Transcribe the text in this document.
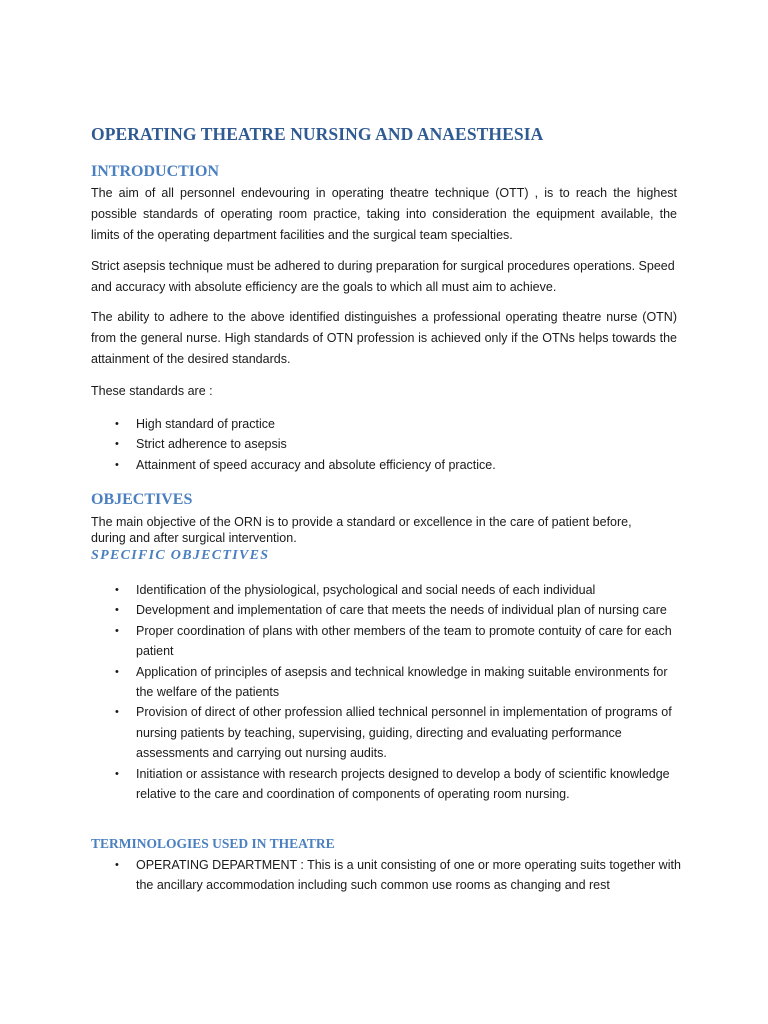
OPERATING THEATRE NURSING AND ANAESTHESIA
INTRODUCTION

The aim of all personnel endevouring in operating theatre technique (OTT) , is to reach the highest possible standards of operating room practice, taking into consideration the equipment available, the limits of the operating department facilities and the surgical team specialties.

Strict asepsis technique must be adhered to during preparation for surgical procedures operations. Speed and accuracy with absolute efficiency are the goals to which all must aim to achieve.

The ability to adhere to the above identified distinguishes a professional operating theatre nurse (OTN) from the general nurse. High standards of OTN profession is achieved only if the OTNs helps towards the attainment of the desired standards.

These standards are :

• High standard of practice
• Strict adherence to asepsis
• Attainment of speed accuracy and absolute efficiency of practice.
OBJECTIVES

The main objective of the ORN is to provide a standard or excellence in the care of patient before, during and after surgical intervention.

SPECIFIC OBJECTIVES
• Identification of the physiological, psychological and social needs of each individual
• Development and implementation of care that meets the needs of individual plan of nursing care
• Proper coordination of plans with other members of the team to promote contuity of care for each patient
• Application of principles of asepsis and technical knowledge in making suitable environments for the welfare of the patients
• Provision of direct of other profession allied technical personnel in implementation of programs of nursing patients by teaching, supervising, guiding, directing and evaluating performance assessments and carrying out nursing audits.
• Initiation or assistance with research projects designed to develop a body of scientific knowledge relative to the care and coordination of components of operating room nursing.
TERMINOLOGIES USED IN THEATRE
• OPERATING DEPARTMENT : This is a unit consisting of one or more operating suits together with the ancillary accommodation including such common use rooms as changing and rest
